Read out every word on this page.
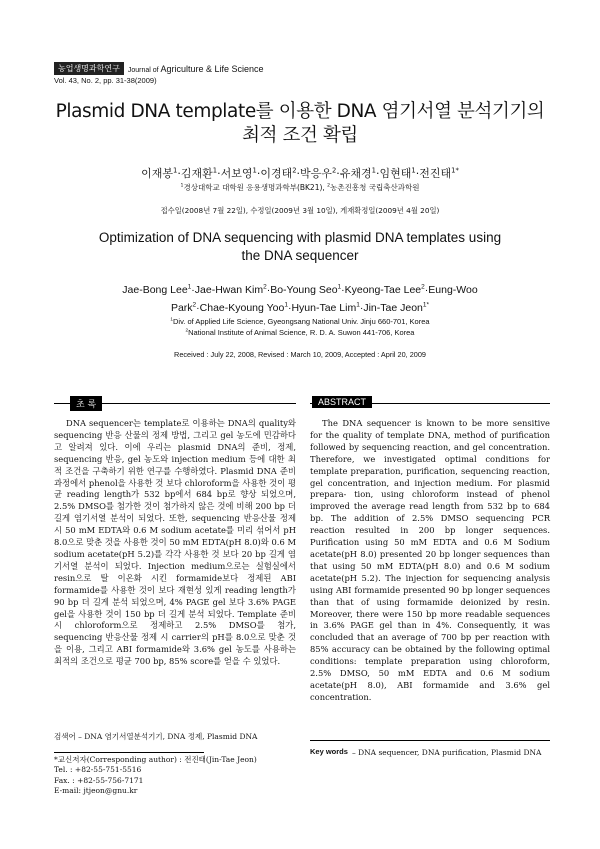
농업생명과학연구	Journal of Agriculture & Life Science
Vol. 43, No. 2, pp. 31-38(2009)
Plasmid DNA template를 이용한 DNA 염기서열 분석기기의
최적 조건 확립
이재봉$^1$·김재환$^1$·서보영$^1$·이경태$^2$·박응우$^2$·유채경$^1$·임현태$^1$·전진태$^{1*}$
$^1$경상대학교 대학원 응용생명과학부(BK21), $^2$농촌진흥청 국립축산과학원
접수일(2008년 7월 22일), 수정일(2009년 3월 10일), 게재확정일(2009년 4월 20일)
Optimization of DNA sequencing with plasmid DNA templates using
the DNA sequencer
Jae-Bong Lee$^1$·Jae-Hwan Kim$^2$·Bo-Young Seo$^1$·Kyeong-Tae Lee$^2$·Eung-Woo
Park$^2$·Chae-Kyoung Yoo$^1$·Hyun-Tae Lim$^1$·Jin-Tae Jeon$^{1*}$
$^1$Div. of Applied Life Science, Gyeongsang National Univ. Jinju 660-701, Korea
$^2$National Institute of Animal Science, R. D. A. Suwon 441-706, Korea
Received : July 22, 2008, Revised : March 10, 2009, Accepted : April 20, 2009
초 록	ABSTRACT

DNA sequencer는 template로 이용하는 DNA의 quality와 sequencing 반응 산물의 정제 방법, 그리고 gel 농도에 민감하다고 알려져 있다. 이에 우리는 plasmid DNA의 준비, 정제, sequencing 반응, gel 농도와 injection medium 등에 대한 최적 조건을 구축하기 위한 연구를 수행하였다. Plasmid DNA 준비과정에서 phenol을 사용한 것 보다 chloroform을 사용한 것이 평균 reading length가 532 bp에서 684 bp로 향상 되었으며, 2.5% DMSO를 첨가한 것이 첨가하지 않은 것에 비해 200 bp 더 길게 염기서열 분석이 되었다. 또한, sequencing 반응산물 정제 시 50 mM EDTA와 0.6 M sodium acetate를 미리 섞어서 pH 8.0으로 맞춘 것을 사용한 것이 50 mM EDTA(pH 8.0)와 0.6 M sodium acetate(pH 5.2)를 각각 사용한 것 보다 20 bp 길게 염기서열 분석이 되었다. Injection medium으로는 실험실에서 resin으로 탈 이온화 시킨 formamide보다 정제된 ABI formamide를 사용한 것이 보다 재현성 있게 reading length가 90 bp 더 길게 분석 되었으며, 4% PAGE gel 보다 3.6% PAGE gel을 사용한 것이 150 bp 더 길게 분석 되었다. Template 준비 시 chloroform으로 정제하고 2.5% DMSO를 첨가, sequencing 반응산물 정제 시 carrier의 pH를 8.0으로 맞춘 것을 이용, 그리고 ABI formamide와 3.6% gel 농도를 사용하는 최적의 조건으로 평균 700 bp, 85% score를 얻을 수 있었다.

The DNA sequencer is known to be more sensitive for the quality of template DNA, method of purification followed by sequencing reaction, and gel concentration. Therefore, we investigated optimal conditions for template preparation, purification, sequencing reaction, gel concentration, and injection medium. For plasmid prepara- tion, using chloroform instead of phenol improved the average read length from 532 bp to 684 bp. The addition of 2.5% DMSO sequencing PCR reaction resulted in 200 bp longer sequences. Purification using 50 mM EDTA and 0.6 M Sodium acetate(pH 8.0) presented 20 bp longer sequences than that using 50 mM EDTA(pH 8.0) and 0.6 M sodium acetate(pH 5.2). The injection for sequencing analysis using ABI formamide presented 90 bp longer sequences than that of using formamide deionized by resin. Moreover, there were 150 bp more readable sequences in 3.6% PAGE gel than in 4%. Consequently, it was concluded that an average of 700 bp per reaction with 85% accuracy can be obtained by the following optimal conditions: template preparation using chloroform, 2.5% DMSO, 50 mM EDTA and 0.6 M sodium acetate(pH 8.0), ABI formamide and 3.6% gel concentration.

검색어 – DNA 염기서열분석기기, DNA 정제, Plasmid DNA
Key words – DNA sequencer, DNA purification, Plasmid DNA
*교신저자(Corresponding author) : 전진태(Jin-Tae Jeon)
Tel. : +82-55-751-5516
Fax. : +82-55-756-7171
E-mail: jtjeon@gnu.kr
